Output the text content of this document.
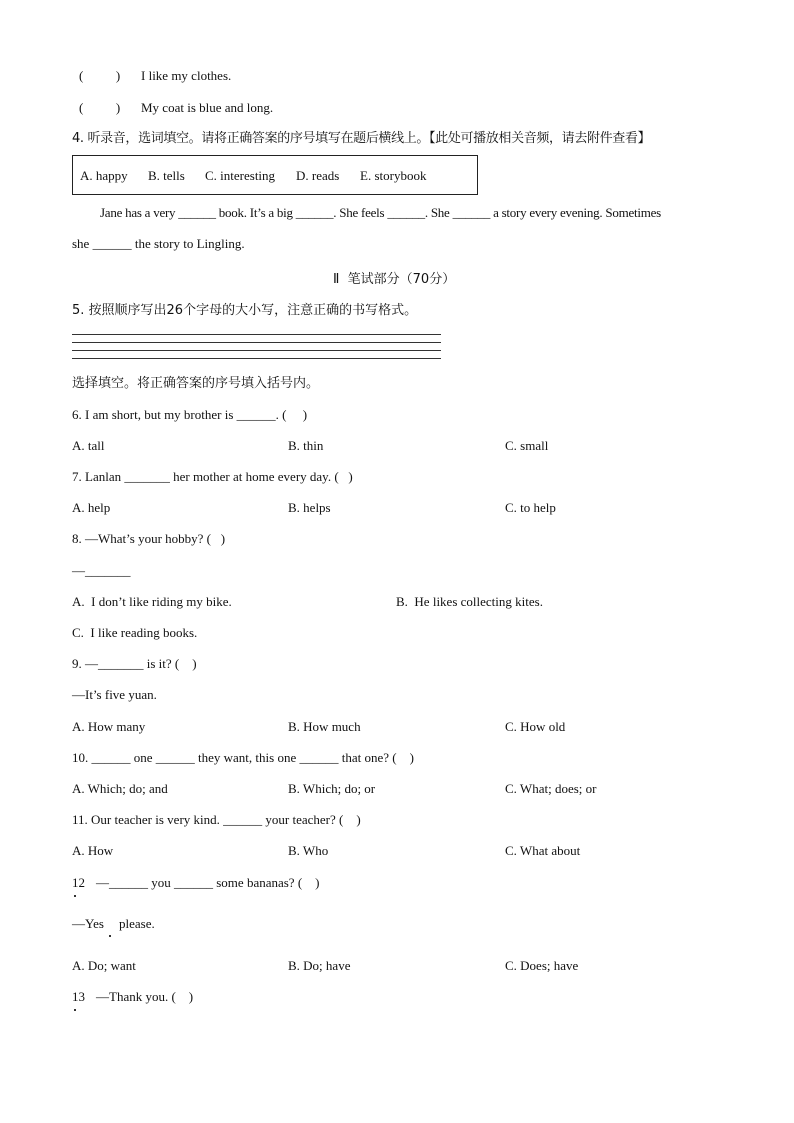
(          ) I like my clothes.
(          ) My coat is blue and long.
4. 听录音，选词填空。请将正确答案的序号填写在题后横线上。【此处可播放相关音频，请去附件查看】
A. happy B. tells C. interesting D. reads E. storybook
Jane has a very ______ book. It’s a big ______. She feels ______. She ______ a story every evening. Sometimes
she ______ the story to Lingling.
Ⅱ  笔试部分（70分）
5. 按照顺序写出26个字母的大小写，注意正确的书写格式。
选择填空。将正确答案的序号填入括号内。
6. I am short, but my brother is ______. (     )
A. tall	B. thin	C. small
7. Lanlan _______ her mother at home every day. (   )
A. help	B. helps	C. to help
8. —What’s your hobby? (   )
—_______
A.  I don’t like riding my bike.	B.  He likes collecting kites.
C.  I like reading books.
9. —_______ is it? (    )
—It’s five yuan.
A. How many	B. How much	C. How old
10. ______ one ______ they want, this one ______ that one? (    )
A. Which; do; and	B. Which; do; or	C. What; does; or
11. Our teacher is very kind. ______ your teacher? (    )
A. How	B. Who	C. What about
12 —______ you ______ some bananas? (    )
—Yes please.
A. Do; want	B. Do; have	C. Does; have
13 —Thank you. (    )
